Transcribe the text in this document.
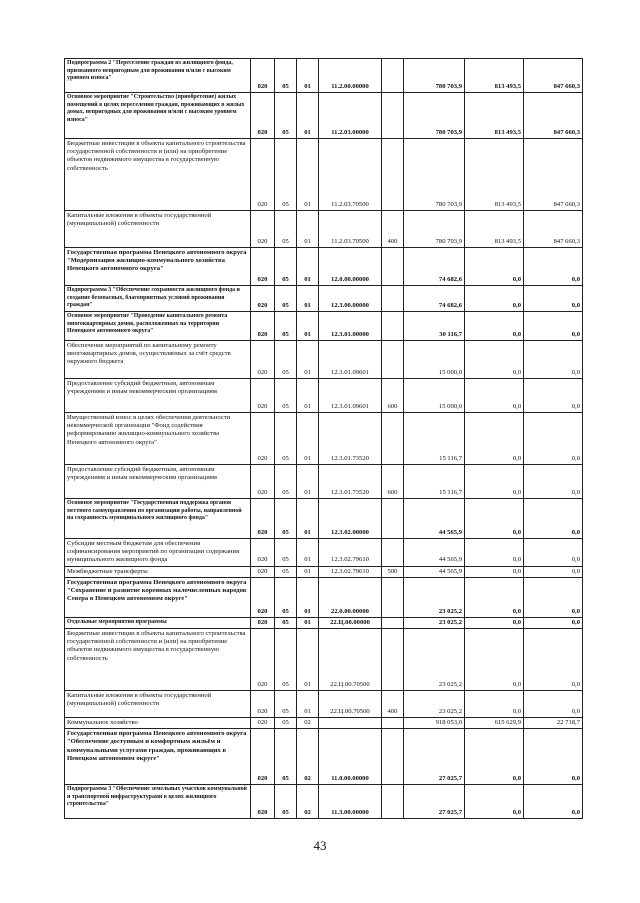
Подпрограмма 2 "Переселение граждан из жилищного фонда, признанного непригодным для проживания и/или с высоким уровнем износа"	020	05	01	11.2.00.00000		780 703,9	813 493,5	847 660,3
Основное мероприятие "Строительство (приобретение) жилых помещений в целях переселения граждан, проживающих в жилых домах, непригодных для проживания и/или с высоким уровнем износа"	020	05	01	11.2.03.00000		780 703,9	813 493,5	847 660,3
Бюджетные инвестиции в объекты капитального строительства государственной собственности и (или) на приобретение объектов недвижимого имущества в государственную собственность	020	05	01	11.2.03.70500		780 703,9	813 493,5	847 660,3
Капитальные вложения в объекты государственной (муниципальной) собственности	020	05	01	11.2.03.70500	400	780 703,9	813 493,5	847 660,3
Государственная программа Ненецкого автономного округа "Модернизация жилищно-коммунального хозяйства Ненецкого автономного округа"	020	05	01	12.0.00.00000		74 682,6	0,0	0,0
Подпрограмма 3 "Обеспечение сохранности жилищного фонда и создание безопасных, благоприятных условий проживания граждан"	020	05	01	12.3.00.00000		74 682,6	0,0	0,0
Основное мероприятие "Проведение капитального ремонта многоквартирных домов, расположенных на территории Ненецкого автономного округа"	020	05	01	12.3.01.00000		30 116,7	0,0	0,0
Обеспечение мероприятий по капитальному ремонту многоквартирных домов, осуществляемых за счёт средств окружного бюджета	020	05	01	12.3.01.09601		15 000,0	0,0	0,0
Предоставление субсидий бюджетным, автономным учреждениям и иным некоммерческим организациям	020	05	01	12.3.01.09601	600	15 000,0	0,0	0,0
Имущественный взнос в целях обеспечения деятельности некоммерческой организации "Фонд содействия реформированию жилищно-коммунального хозяйства Ненецкого автономного округа"	020	05	01	12.3.01.73520		15 116,7	0,0	0,0
Предоставление субсидий бюджетным, автономным учреждениям и иным некоммерческим организациям	020	05	01	12.3.01.73520	600	15 116,7	0,0	0,0
Основное мероприятие "Государственная поддержка органов местного самоуправления по организации работы, направленной на сохранность муниципального жилищного фонда"	020	05	01	12.3.02.00000		44 565,9	0,0	0,0
Субсидии местным бюджетам для обеспечения софинансирования мероприятий по организации содержания муниципального жилищного фонда	020	05	01	12.3.02.79610		44 565,9	0,0	0,0
Межбюджетные трансферты	020	05	01	12.3.02.79610	500	44 565,9	0,0	0,0
Государственная программа Ненецкого автономного округа "Сохранение и развитие коренных малочисленных народов Севера в Ненецком автономном округе"	020	05	01	22.0.00.00000		23 025,2	0,0	0,0
Отдельные мероприятия программы	020	05	01	22.Ц.00.00000		23 025,2	0,0	0,0
Бюджетные инвестиции в объекты капитального строительства государственной собственности и (или) на приобретение объектов недвижимого имущества в государственную собственность	020	05	01	22.Ц.00.70500		23 025,2	0,0	0,0
Капитальные вложения в объекты государственной (муниципальной) собственности	020	05	01	22.Ц.00.70500	400	23 025,2	0,0	0,0
Коммунальное хозяйство	020	05	02			918 053,0	615 629,9	22 718,7
Государственная программа Ненецкого автономного округа "Обеспечение доступным и комфортным жильём и коммунальными услугами граждан, проживающих в Ненецком автономном округе"	020	05	02	11.0.00.00000		27 025,7	0,0	0,0
Подпрограмма 3 "Обеспечение земельных участков коммунальной и транспортной инфраструктурами в целях жилищного строительства"	020	05	02	11.3.00.00000		27 025,7	0,0	0,0
43
